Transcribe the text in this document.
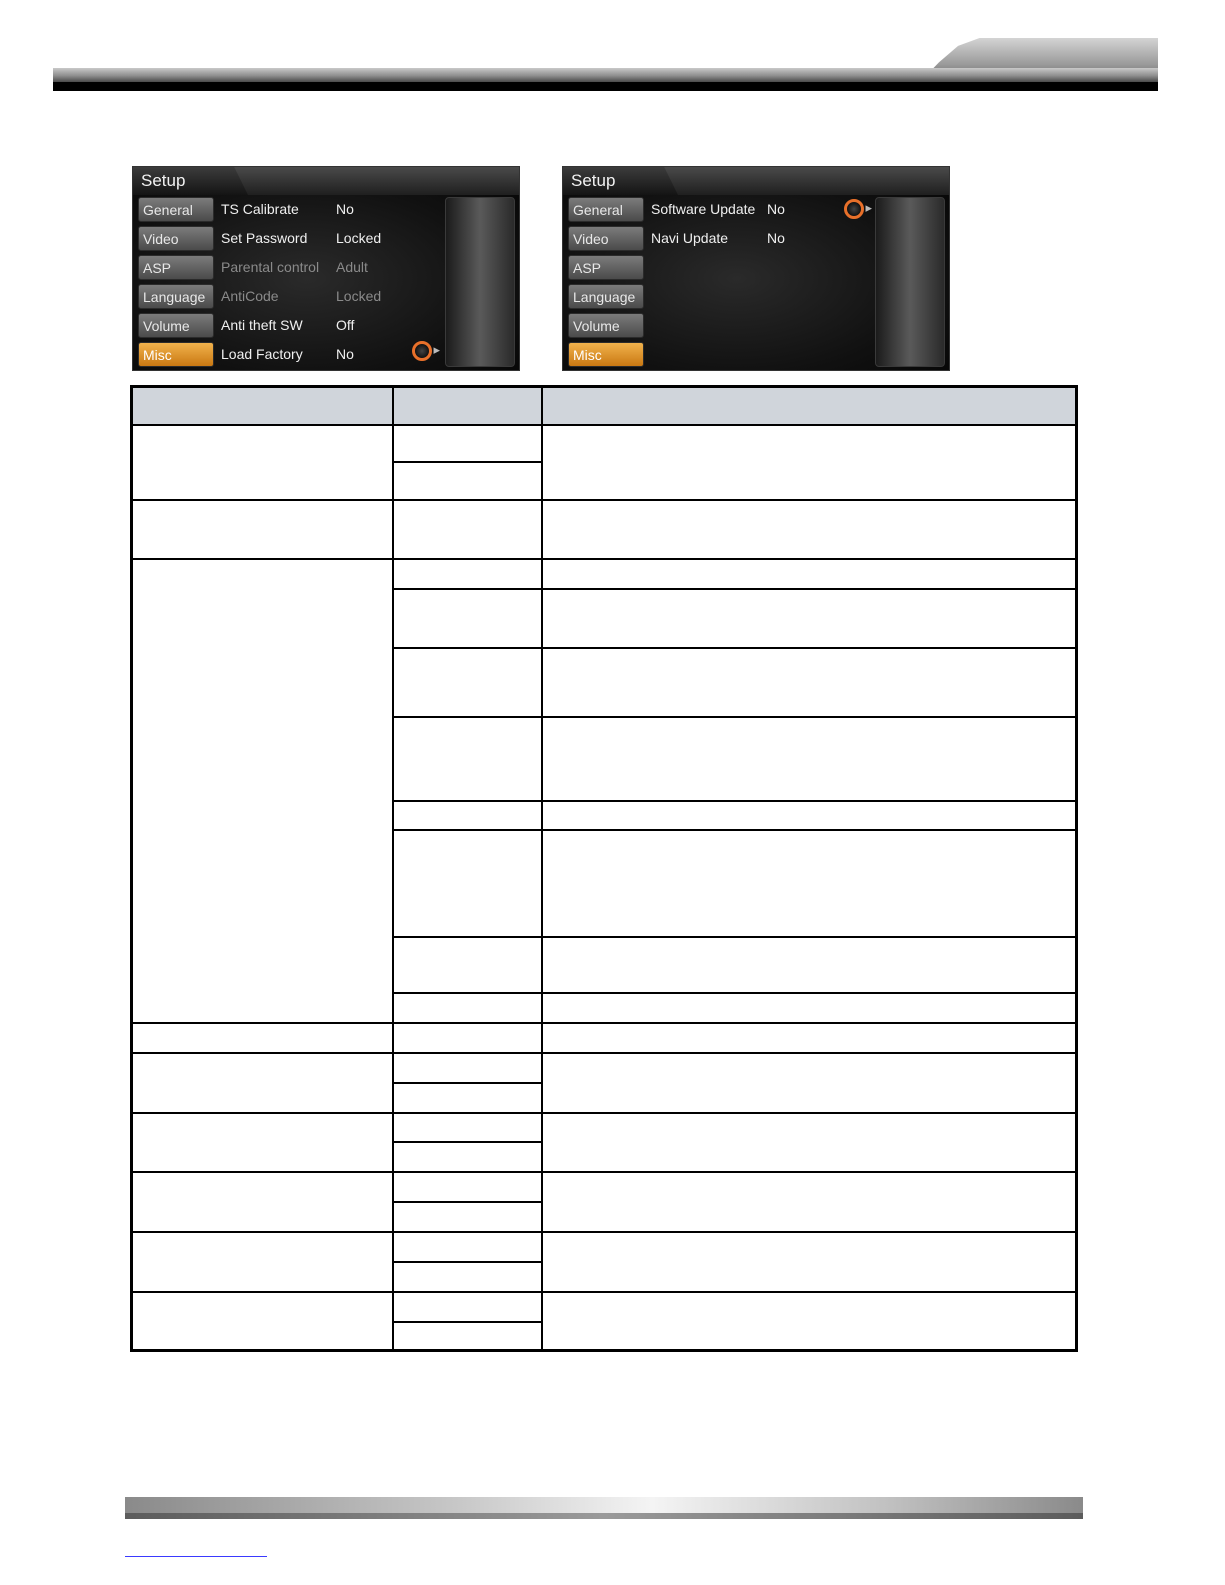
Setup
General
Video
ASP
Language
Volume
Misc
TS Calibrate	No
Set Password Locked
Parental control Adult
AntiCode	Locked
Anti theft SW Off
Load Factory No	▸
Setup
General
Video
ASP
Language
Volume
Misc
Software Update No
Navi Update	No
▸
